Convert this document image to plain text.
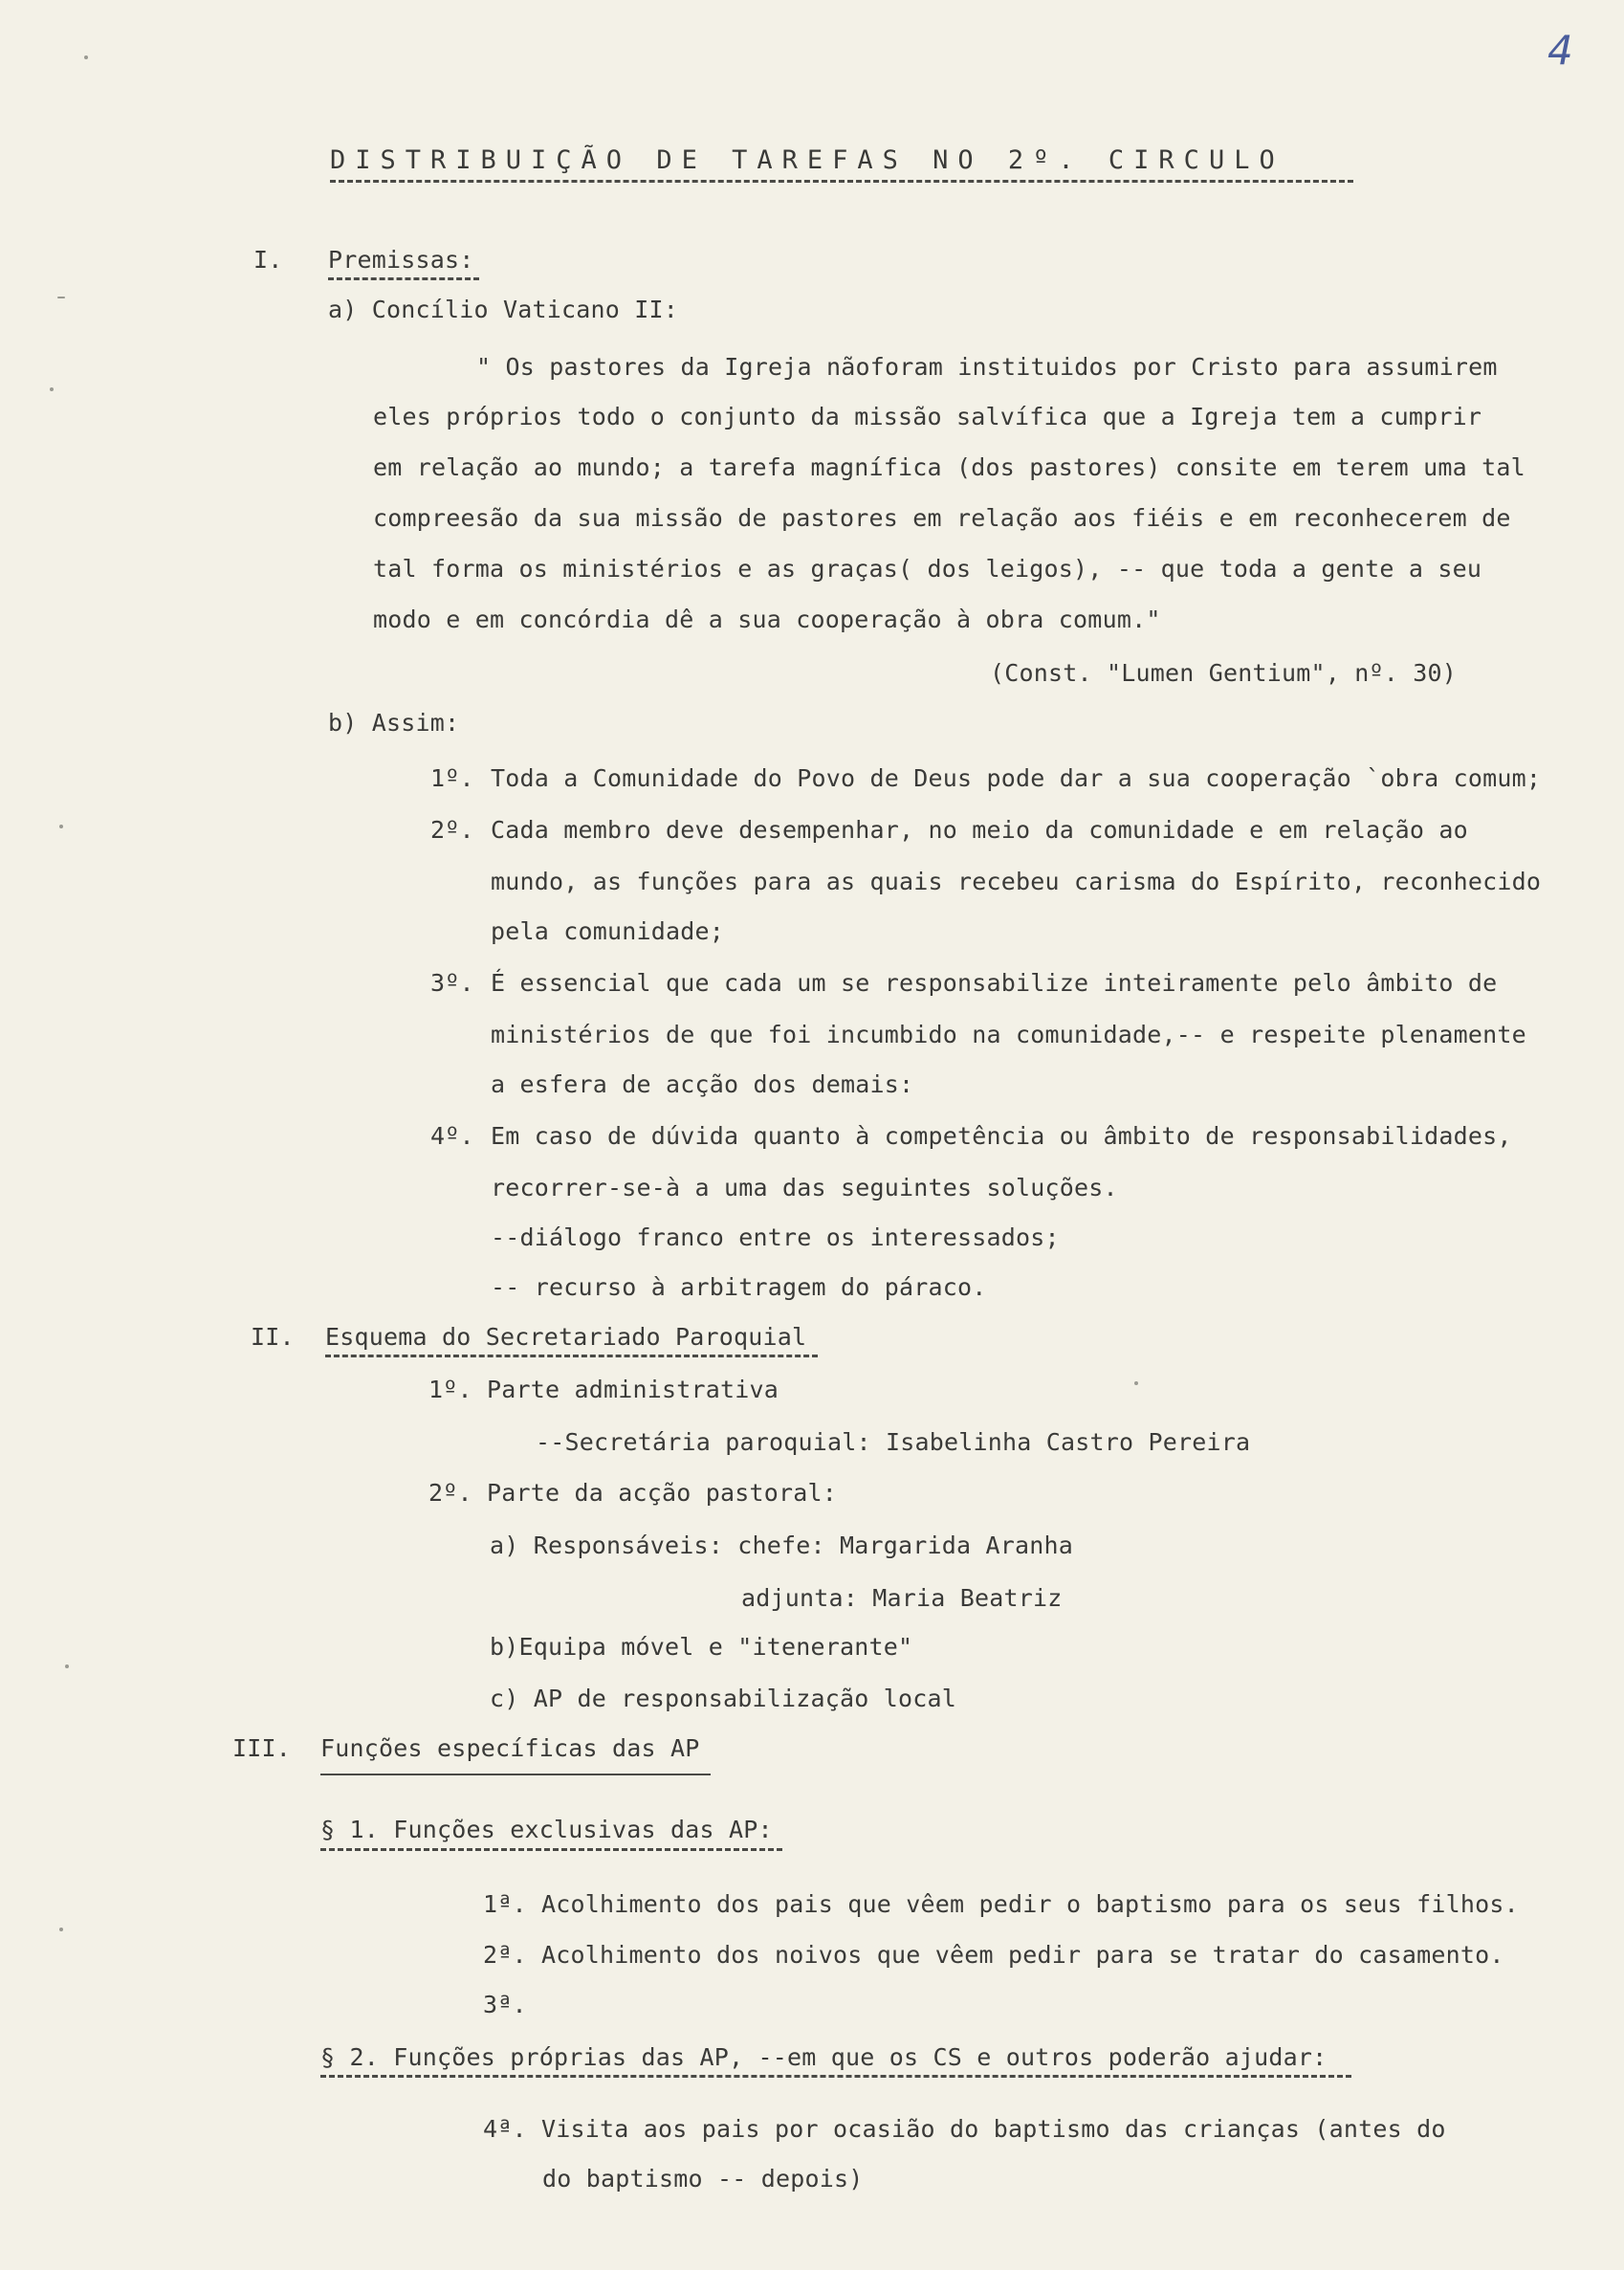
4
DISTRIBUIÇÃO DE TAREFAS NO 2º. CIRCULO
I. Premissas:
a) Concílio Vaticano II:
" Os pastores da Igreja nãoforam instituidos por Cristo para assumirem
eles próprios todo o conjunto da missão salvífica que a Igreja tem a cumprir
em relação ao mundo; a tarefa magnífica (dos pastores) consite em terem uma tal
compreesão da sua missão de pastores em relação aos fiéis e em reconhecerem de
tal forma os ministérios e as graças( dos leigos), -- que toda a gente a seu
modo e em concórdia dê a sua cooperação à obra comum."
(Const. "Lumen Gentium", nº. 30)
b) Assim:
1º. Toda a Comunidade do Povo de Deus pode dar a sua cooperação `obra comum;
2º. Cada membro deve desempenhar, no meio da comunidade e em relação ao
mundo, as funções para as quais recebeu carisma do Espírito, reconhecido
pela comunidade;
3º. É essencial que cada um se responsabilize inteiramente pelo âmbito de
ministérios de que foi incumbido na comunidade,-- e respeite plenamente
a esfera de acção dos demais:
4º. Em caso de dúvida quanto à competência ou âmbito de responsabilidades,
recorrer-se-à a uma das seguintes soluções.
--diálogo franco entre os interessados;
-- recurso à arbitragem do páraco.
II. Esquema do Secretariado Paroquial
1º. Parte administrativa
--Secretária paroquial: Isabelinha Castro Pereira
2º. Parte da acção pastoral:
a) Responsáveis: chefe: Margarida Aranha
adjunta: Maria Beatriz
b)Equipa móvel e "itenerante"
c) AP de responsabilização local
III. Funções específicas das AP
§ 1. Funções exclusivas das AP:
1ª. Acolhimento dos pais que vêem pedir o baptismo para os seus filhos.
2ª. Acolhimento dos noivos que vêem pedir para se tratar do casamento.
3ª.
§ 2. Funções próprias das AP, --em que os CS e outros poderão ajudar:
4ª. Visita aos pais por ocasião do baptismo das crianças (antes do
do baptismo -- depois)
